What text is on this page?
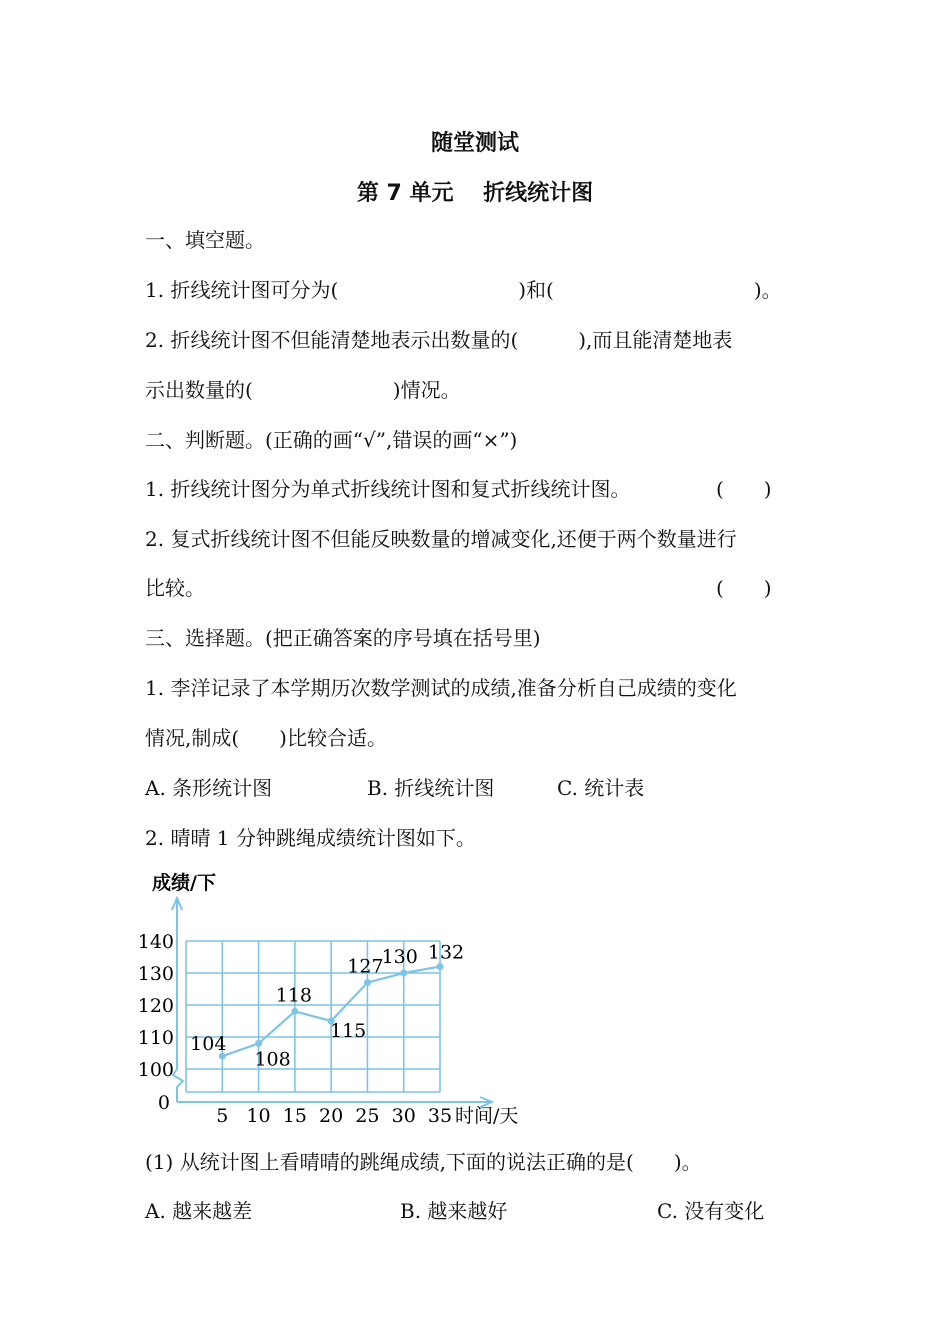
随堂测试
第 7 单元　 折线统计图
一、填空题。
1. 折线统计图可分为(　　　　　　　　　)和(　　　　　　　　　　)。
2. 折线统计图不但能清楚地表示出数量的(　　　),而且能清楚地表
示出数量的(　　　　　　　)情况。
二、判断题。(正确的画“√”,错误的画“×”)
1. 折线统计图分为单式折线统计图和复式折线统计图。	(　　)
2. 复式折线统计图不但能反映数量的增减变化,还便于两个数量进行
比较。	(　　)
三、选择题。(把正确答案的序号填在括号里)
1. 李洋记录了本学期历次数学测试的成绩,准备分析自己成绩的变化
情况,制成(　　)比较合适。
A. 条形统计图	B. 折线统计图	C. 统计表
2. 晴晴 1 分钟跳绳成绩统计图如下。
0
100
110
120
130
140
5 10 15 20 25 30 35
104
108
118
115
127
130 132
成绩/下
时间/天
(1) 从统计图上看晴晴的跳绳成绩,下面的说法正确的是(　　)。
A. 越来越差	B. 越来越好	C. 没有变化
